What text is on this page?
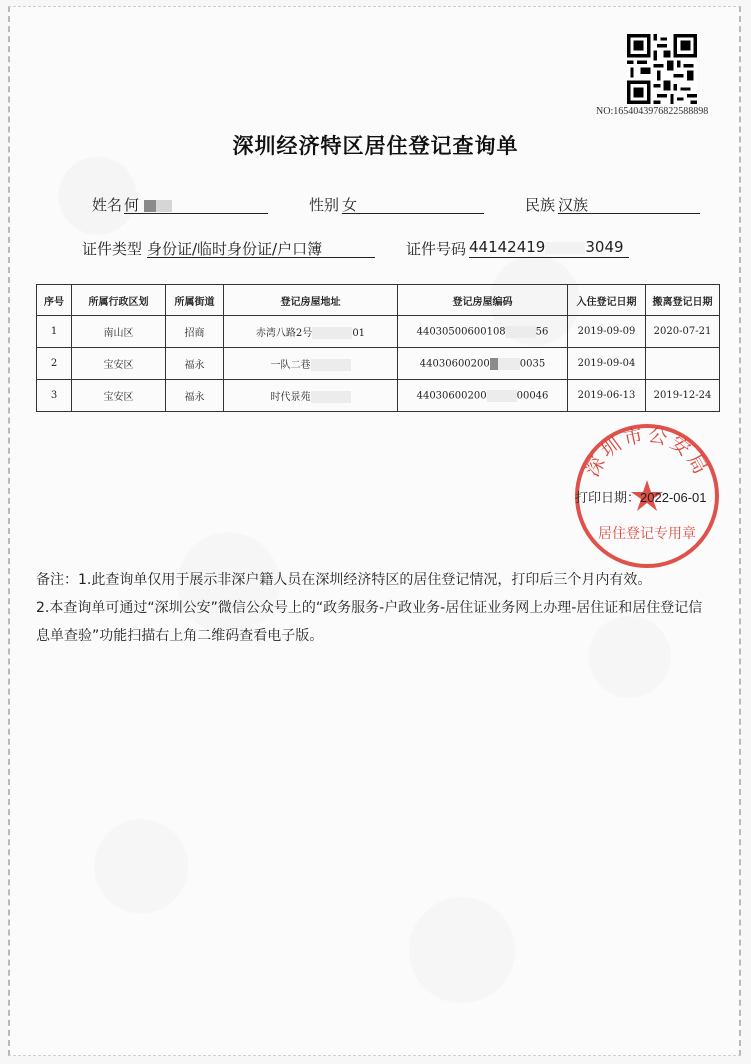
NO:1654043976822588898
深圳经济特区居住登记查询单
姓名 何	性别 女	民族 汉族
证件类型 身份证/临时身份证/户口簿	证件号码 44142419	3049
序号	所属行政区划	所属街道	登记房屋地址	登记房屋编码	入住登记日期	搬离登记日期
1	南山区	招商	赤湾八路2号 01	44030500600108 56	2019-09-09	2020-07-21
2	宝安区	福永	一队二巷	44030600200 0035	2019-09-04	
3	宝安区	福永	时代景苑	44030600200 00046	2019-06-13	2019-12-24
深圳市公安局
居住登记专用章
打印日期：2022-06-01

备注：1.此查询单仅用于展示非深户籍人员在深圳经济特区的居住登记情况，打印后三个月内有效。

2.本查询单可通过“深圳公安”微信公众号上的“政务服务-户政业务-居住证业务网上办理-居住证和居住登记信息单查验”功能扫描右上角二维码查看电子版。
